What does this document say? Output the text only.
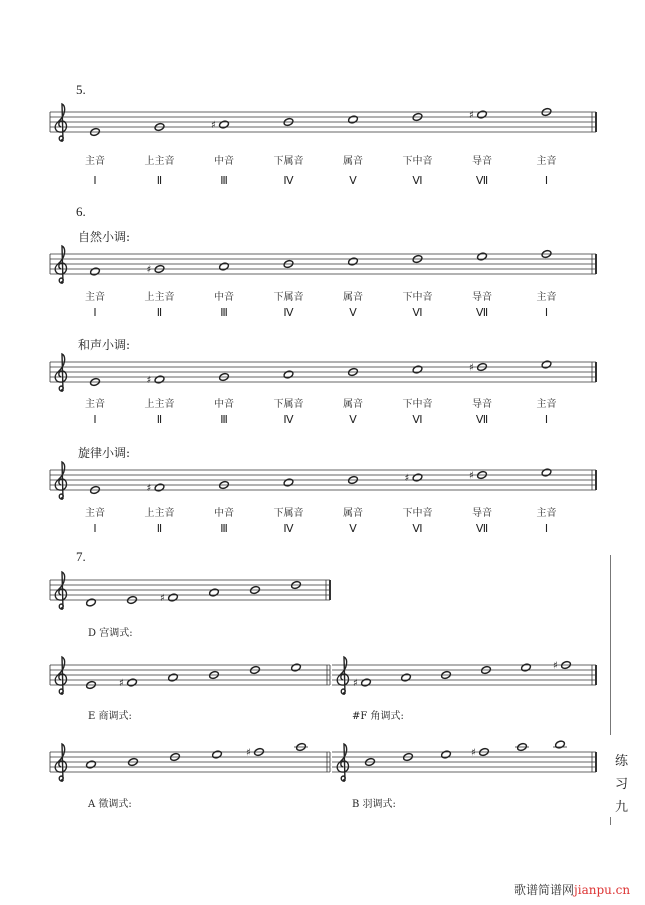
5.
♯
♯
6.
自然小调:
♯
和声小调:
♯
♯
旋律小调:
♯
♯	♯
7.
♯
D 宫调式:
♯	♯
♯
E 商调式:	#F 角调式:
♯	♯
A 徵调式:	B 羽调式:
练
习
九
歌谱简谱网jianpu.cn
主音	上主音	中音	下属音	属音	下中音	导音	主音
主音	上主音	中音	下属音	属音	下中音	导音	主音
主音	上主音	中音	下属音	属音	下中音	导音	主音
主音	上主音	中音	下属音	属音	下中音	导音	主音
Ⅰ	Ⅱ	Ⅲ	Ⅳ	Ⅴ	Ⅵ	Ⅶ	Ⅰ
Ⅰ	Ⅱ	Ⅲ	Ⅳ	Ⅴ	Ⅵ	Ⅶ	Ⅰ
Ⅰ	Ⅱ	Ⅲ	Ⅳ	Ⅴ	Ⅵ	Ⅶ	Ⅰ
Ⅰ	Ⅱ	Ⅲ	Ⅳ	Ⅴ	Ⅵ	Ⅶ	Ⅰ
